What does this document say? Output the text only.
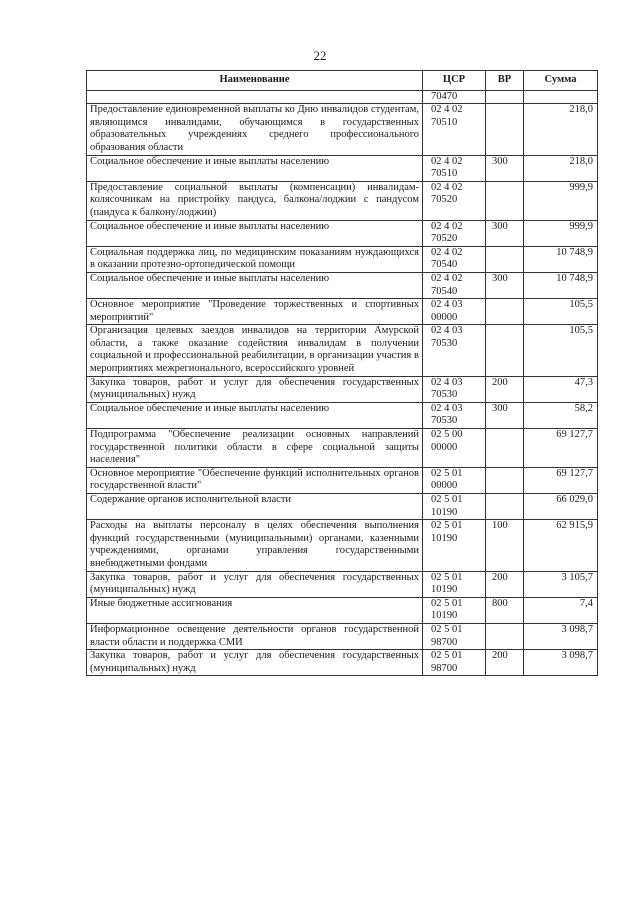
22
Наименование	ЦСР	ВР	Сумма

	70470		

Предоставление единовременной выплаты ко Дню инвалидов студентам, являющимся инвалидами, обучающимся в государственных образовательных учреждениях среднего профессионального образования области	02 4 02
70510		218,0
Социальное обеспечение и иные выплаты населению	02 4 02
70510	300	218,0
Предоставление социальной выплаты (компенсации) инвалидам-колясочникам на пристройку пандуса, балкона/лоджии с пандусом (пандуса к балкону/лоджии)	02 4 02
70520		999,9
Социальное обеспечение и иные выплаты населению	02 4 02
70520	300	999,9
Социальная поддержка лиц, по медицинским показаниям нуждающихся в оказании протезно-ортопедической помощи	02 4 02
70540		10 748,9
Социальное обеспечение и иные выплаты населению	02 4 02
70540	300	10 748,9
Основное мероприятие "Проведение торжественных и спортивных мероприятий"	02 4 03
00000		105,5
Организация целевых заездов инвалидов на территории Амурской области, а также оказание содействия инвалидам в получении социальной и профессиональной реабилитации, в организации участия в мероприятиях межрегионального, всероссийского уровней	02 4 03
70530		105,5
Закупка товаров, работ и услуг для обеспечения государственных (муниципальных) нужд	02 4 03
70530	200	47,3
Социальное обеспечение и иные выплаты населению	02 4 03
70530	300	58,2
Подпрограмма "Обеспечение реализации основных направлений государственной политики области в сфере социальной защиты населения"	02 5 00
00000		69 127,7
Основное мероприятие "Обеспечение функций исполнительных органов государственной власти"	02 5 01
00000		69 127,7
Содержание органов исполнительной власти	02 5 01
10190		66 029,0
Расходы на выплаты персоналу в целях обеспечения выполнения функций государственными (муниципальными) органами, казенными учреждениями, органами управления государственными внебюджетными фондами	02 5 01
10190	100	62 915,9
Закупка товаров, работ и услуг для обеспечения государственных (муниципальных) нужд	02 5 01
10190	200	3 105,7
Иные бюджетные ассигнования	02 5 01
10190	800	7,4
Информационное освещение деятельности органов государственной власти области и поддержка СМИ	02 5 01
98700		3 098,7
Закупка товаров, работ и услуг для обеспечения государственных (муниципальных) нужд	02 5 01
98700	200	3 098,7
